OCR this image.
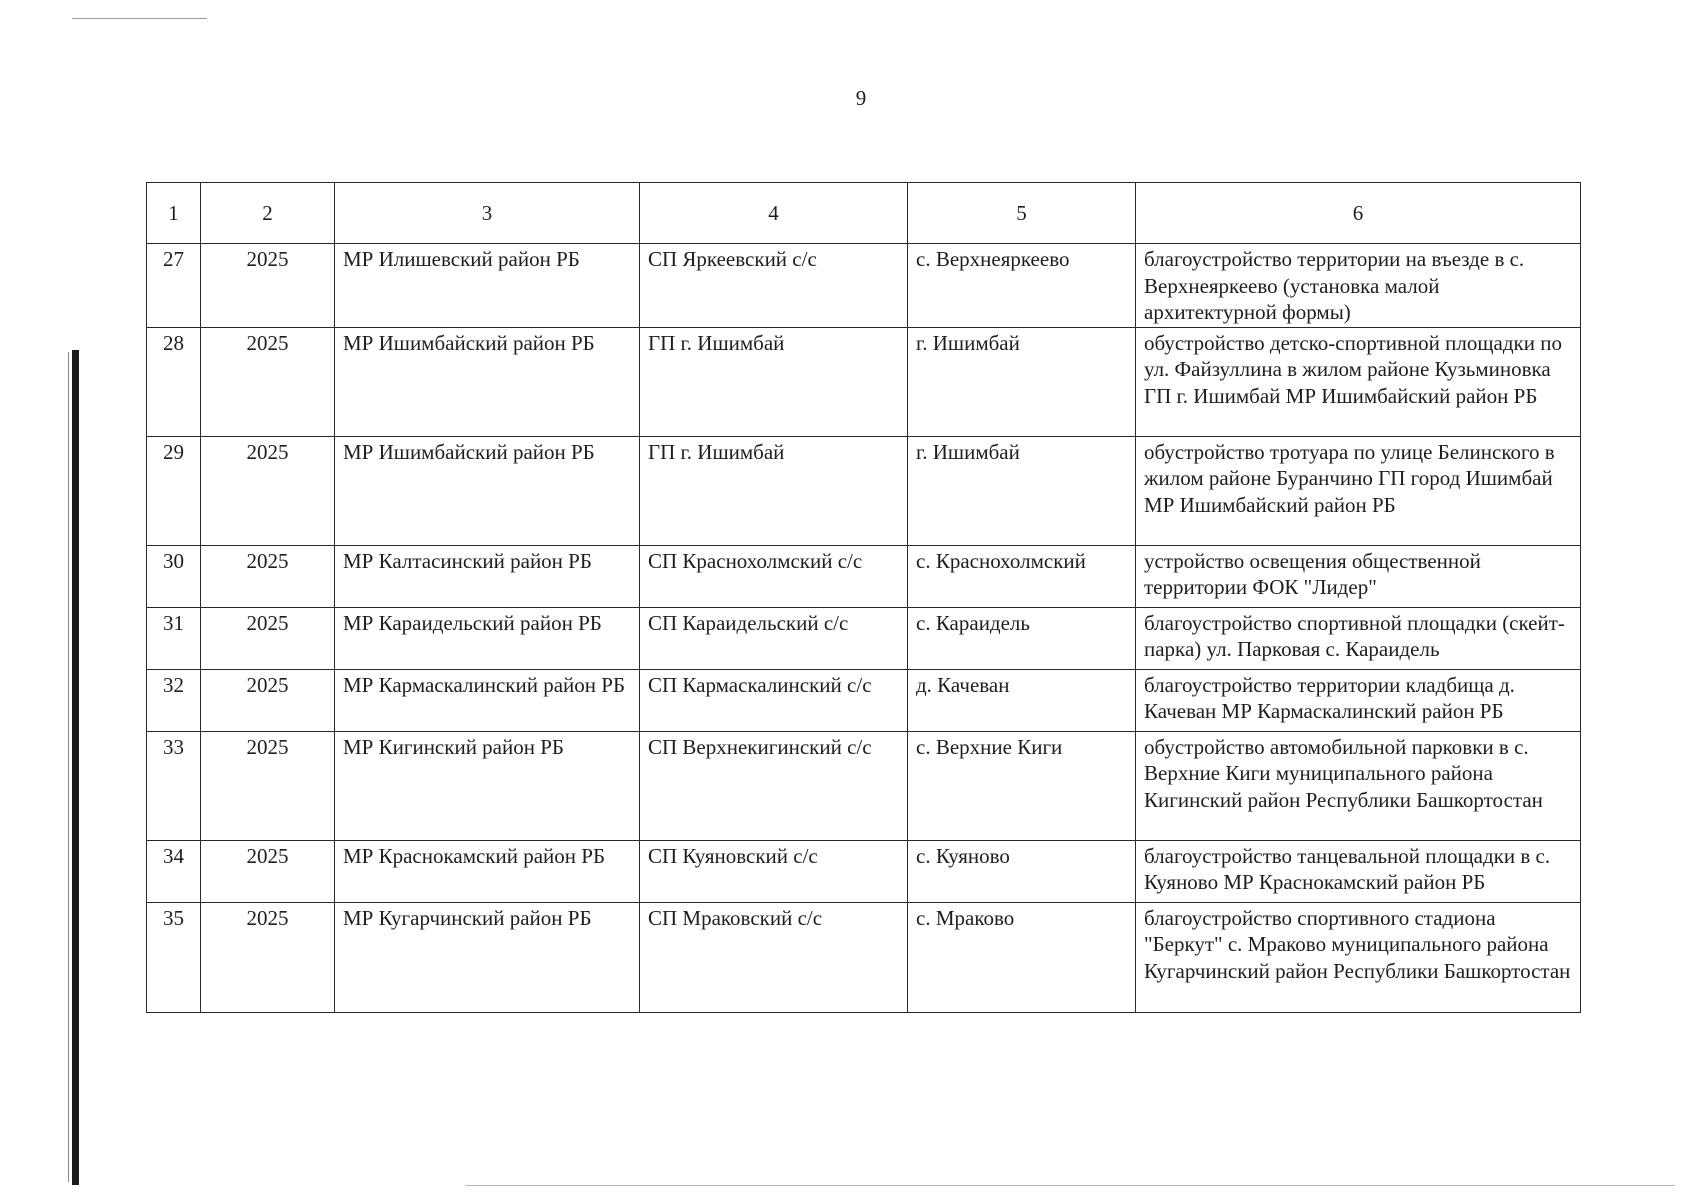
9
1	2	3	4	5	6
27	2025	МР Илишевский район РБ	СП Яркеевский с/с	с. Верхнеяркеево	благоустройство территории на въезде в с. Верхнеяркеево (установка малой архитектурной формы)
28	2025	МР Ишимбайский район РБ	ГП г. Ишимбай	г. Ишимбай	обустройство детско-спортивной площадки по ул. Файзуллина в жилом районе Кузьминовка ГП г. Ишимбай МР Ишимбайский район РБ
29	2025	МР Ишимбайский район РБ	ГП г. Ишимбай	г. Ишимбай	обустройство тротуара по улице Белинского в жилом районе Буранчино ГП город Ишимбай МР Ишимбайский район РБ
30	2025	МР Калтасинский район РБ	СП Краснохолмский с/с	с. Краснохолмский	устройство освещения общественной территории ФОК "Лидер"
31	2025	МР Караидельский район РБ	СП Караидельский с/с	с. Караидель	благоустройство спортивной площадки (скейт-парка) ул. Парковая с. Караидель
32	2025	МР Кармаскалинский район РБ	СП Кармаскалинский с/с	д. Качеван	благоустройство территории кладбища д. Качеван МР Кармаскалинский район РБ
33	2025	МР Кигинский район РБ	СП Верхнекигинский с/с	с. Верхние Киги	обустройство автомобильной парковки в с. Верхние Киги муниципального района Кигинский район Республики Башкортостан
34	2025	МР Краснокамский район РБ	СП Куяновский с/с	с. Куяново	благоустройство танцевальной площадки в с. Куяново МР Краснокамский район РБ
35	2025	МР Кугарчинский район РБ	СП Мраковский с/с	с. Мраково	благоустройство спортивного стадиона "Беркут" с. Мраково муниципального района Кугарчинский район Республики Башкортостан
